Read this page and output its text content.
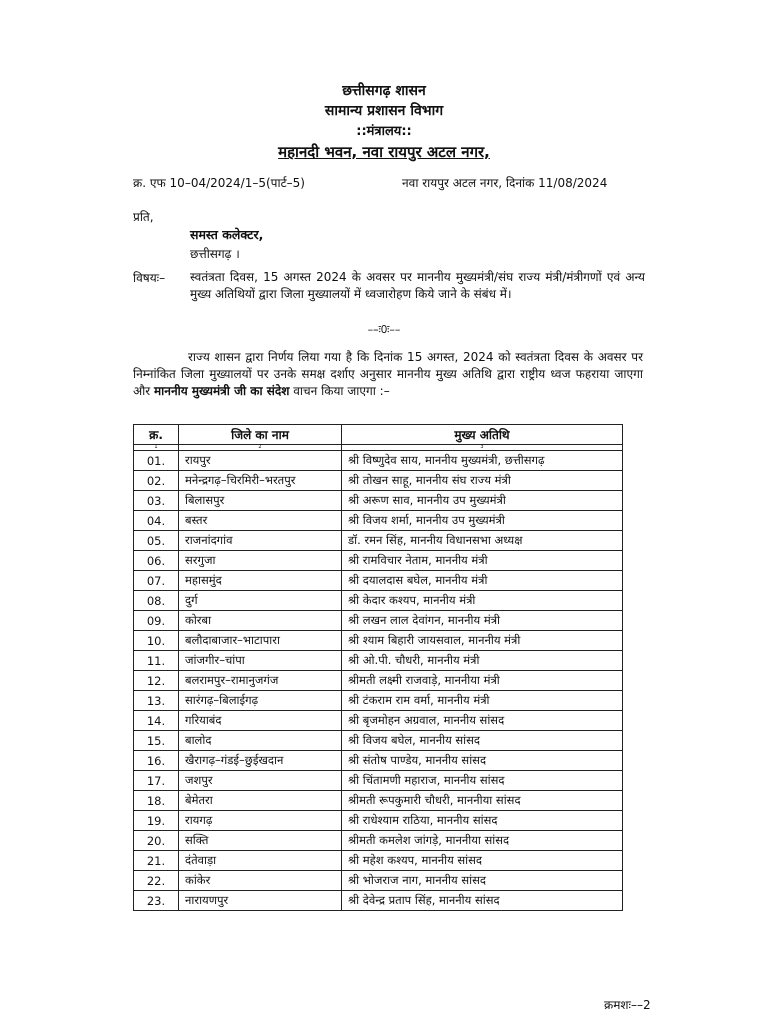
छत्तीसगढ़ शासन
सामान्य प्रशासन विभाग
::मंत्रालय::
महानदी भवन, नवा रायपुर अटल नगर,
क्र. एफ 10–04/2024/1–5(पार्ट–5)	नवा रायपुर अटल नगर, दिनांक 11/08/2024
प्रति,
समस्त कलेक्टर,
छत्तीसगढ़ ।
विषयः– स्वतंत्रता दिवस, 15 अगस्त 2024 के अवसर पर माननीय मुख्यमंत्री/संघ राज्य मंत्री/मंत्रीगणों एवं अन्य मुख्य अतिथियों द्वारा जिला मुख्यालयों में ध्वजारोहण किये जाने के संबंध में।
––ः0ः––
राज्य शासन द्वारा निर्णय लिया गया है कि दिनांक 15 अगस्त, 2024 को स्वतंत्रता दिवस के अवसर पर निम्नांकित जिला मुख्यालयों पर उनके समक्ष दर्शाए अनुसार माननीय मुख्य अतिथि द्वारा राष्ट्रीय ध्वज फहराया जाएगा और माननीय मुख्यमंत्री जी का संदेश वाचन किया जाएगा :–
क्र.	जिले का नाम	मुख्य अतिथि
1	2	3
01.	रायपुर	श्री विष्णुदेव साय, माननीय मुख्यमंत्री, छत्तीसगढ़
02.	मनेन्द्रगढ़–चिरमिरी–भरतपुर	श्री तोखन साहू, माननीय संघ राज्य मंत्री
03.	बिलासपुर	श्री अरूण साव, माननीय उप मुख्यमंत्री
04.	बस्तर	श्री विजय शर्मा, माननीय उप मुख्यमंत्री
05.	राजनांदगांव	डॉ. रमन सिंह, माननीय विधानसभा अध्यक्ष
06.	सरगुजा	श्री रामविचार नेताम, माननीय मंत्री
07.	महासमुंद	श्री दयालदास बघेल, माननीय मंत्री
08.	दुर्ग	श्री केदार कश्यप, माननीय मंत्री
09.	कोरबा	श्री लखन लाल देवांगन, माननीय मंत्री
10.	बलौदाबाजार–भाटापारा	श्री श्याम बिहारी जायसवाल, माननीय मंत्री
11.	जांजगीर–चांपा	श्री ओ.पी. चौधरी, माननीय मंत्री
12.	बलरामपुर–रामानुजगंज	श्रीमती लक्ष्मी राजवाड़े, माननीया मंत्री
13.	सारंगढ़–बिलाईगढ़	श्री टंकराम राम वर्मा, माननीय मंत्री
14.	गरियाबंद	श्री बृजमोहन अग्रवाल, माननीय सांसद
15.	बालोद	श्री विजय बघेल, माननीय सांसद
16.	खैरागढ़–गंडई–छुईखदान	श्री संतोष पाण्डेय, माननीय सांसद
17.	जशपुर	श्री चिंतामणी महाराज, माननीय सांसद
18.	बेमेतरा	श्रीमती रूपकुमारी चौधरी, माननीया सांसद
19.	रायगढ़	श्री राधेश्याम राठिया, माननीय सांसद
20.	सक्ति	श्रीमती कमलेश जांगड़े, माननीया सांसद
21.	दंतेवाड़ा	श्री महेश कश्यप, माननीय सांसद
22.	कांकेर	श्री भोजराज नाग, माननीय सांसद
23.	नारायणपुर	श्री देवेन्द्र प्रताप सिंह, माननीय सांसद
क्रमशः––2
